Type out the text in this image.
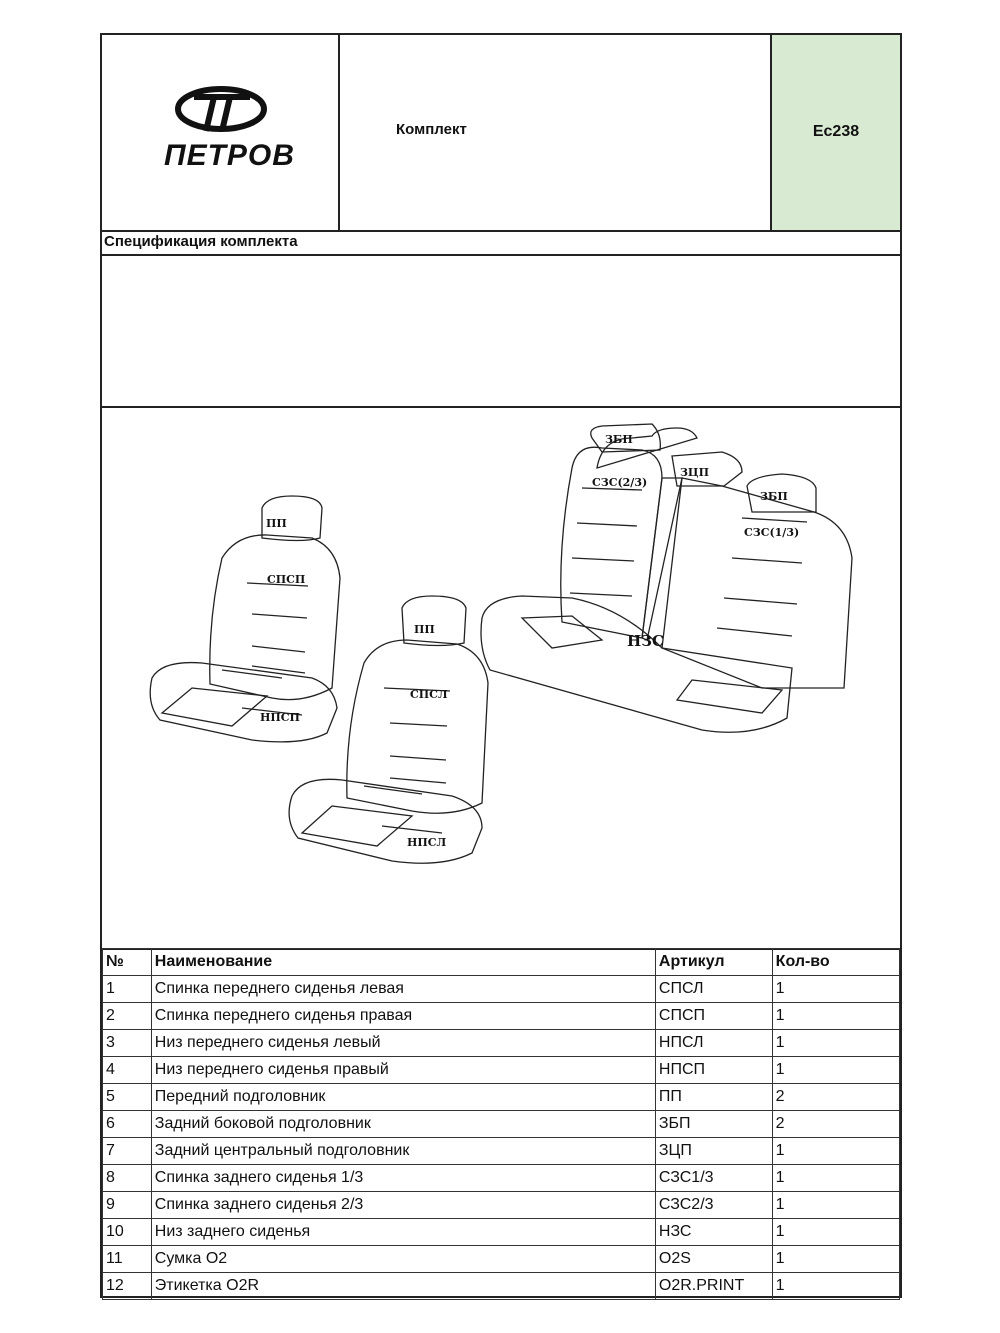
ПЕТРОВ
Комплект	Ec238
Спецификация комплекта
ПП
СПСП
НПСП
ПП
СПСЛ
НПСЛ
ЗБП
ЗЦП
ЗБП
СЗС(2/3)
СЗС(1/3)
НЗС
№	Наименование	Артикул	Кол-во
1	Спинка переднего сиденья левая	СПСЛ	1
2	Спинка переднего сиденья правая	СПСП	1
3	Низ переднего сиденья левый	НПСЛ	1
4	Низ переднего сиденья правый	НПСП	1
5	Передний подголовник	ПП	2
6	Задний боковой подголовник	ЗБП	2
7	Задний центральный подголовник	ЗЦП	1
8	Спинка заднего сиденья 1/3	СЗС1/3	1
9	Спинка заднего сиденья 2/3	СЗС2/3	1
10	Низ заднего сиденья	НЗС	1
11	Сумка O2	O2S	1
12	Этикетка O2R	O2R.PRINT	1
